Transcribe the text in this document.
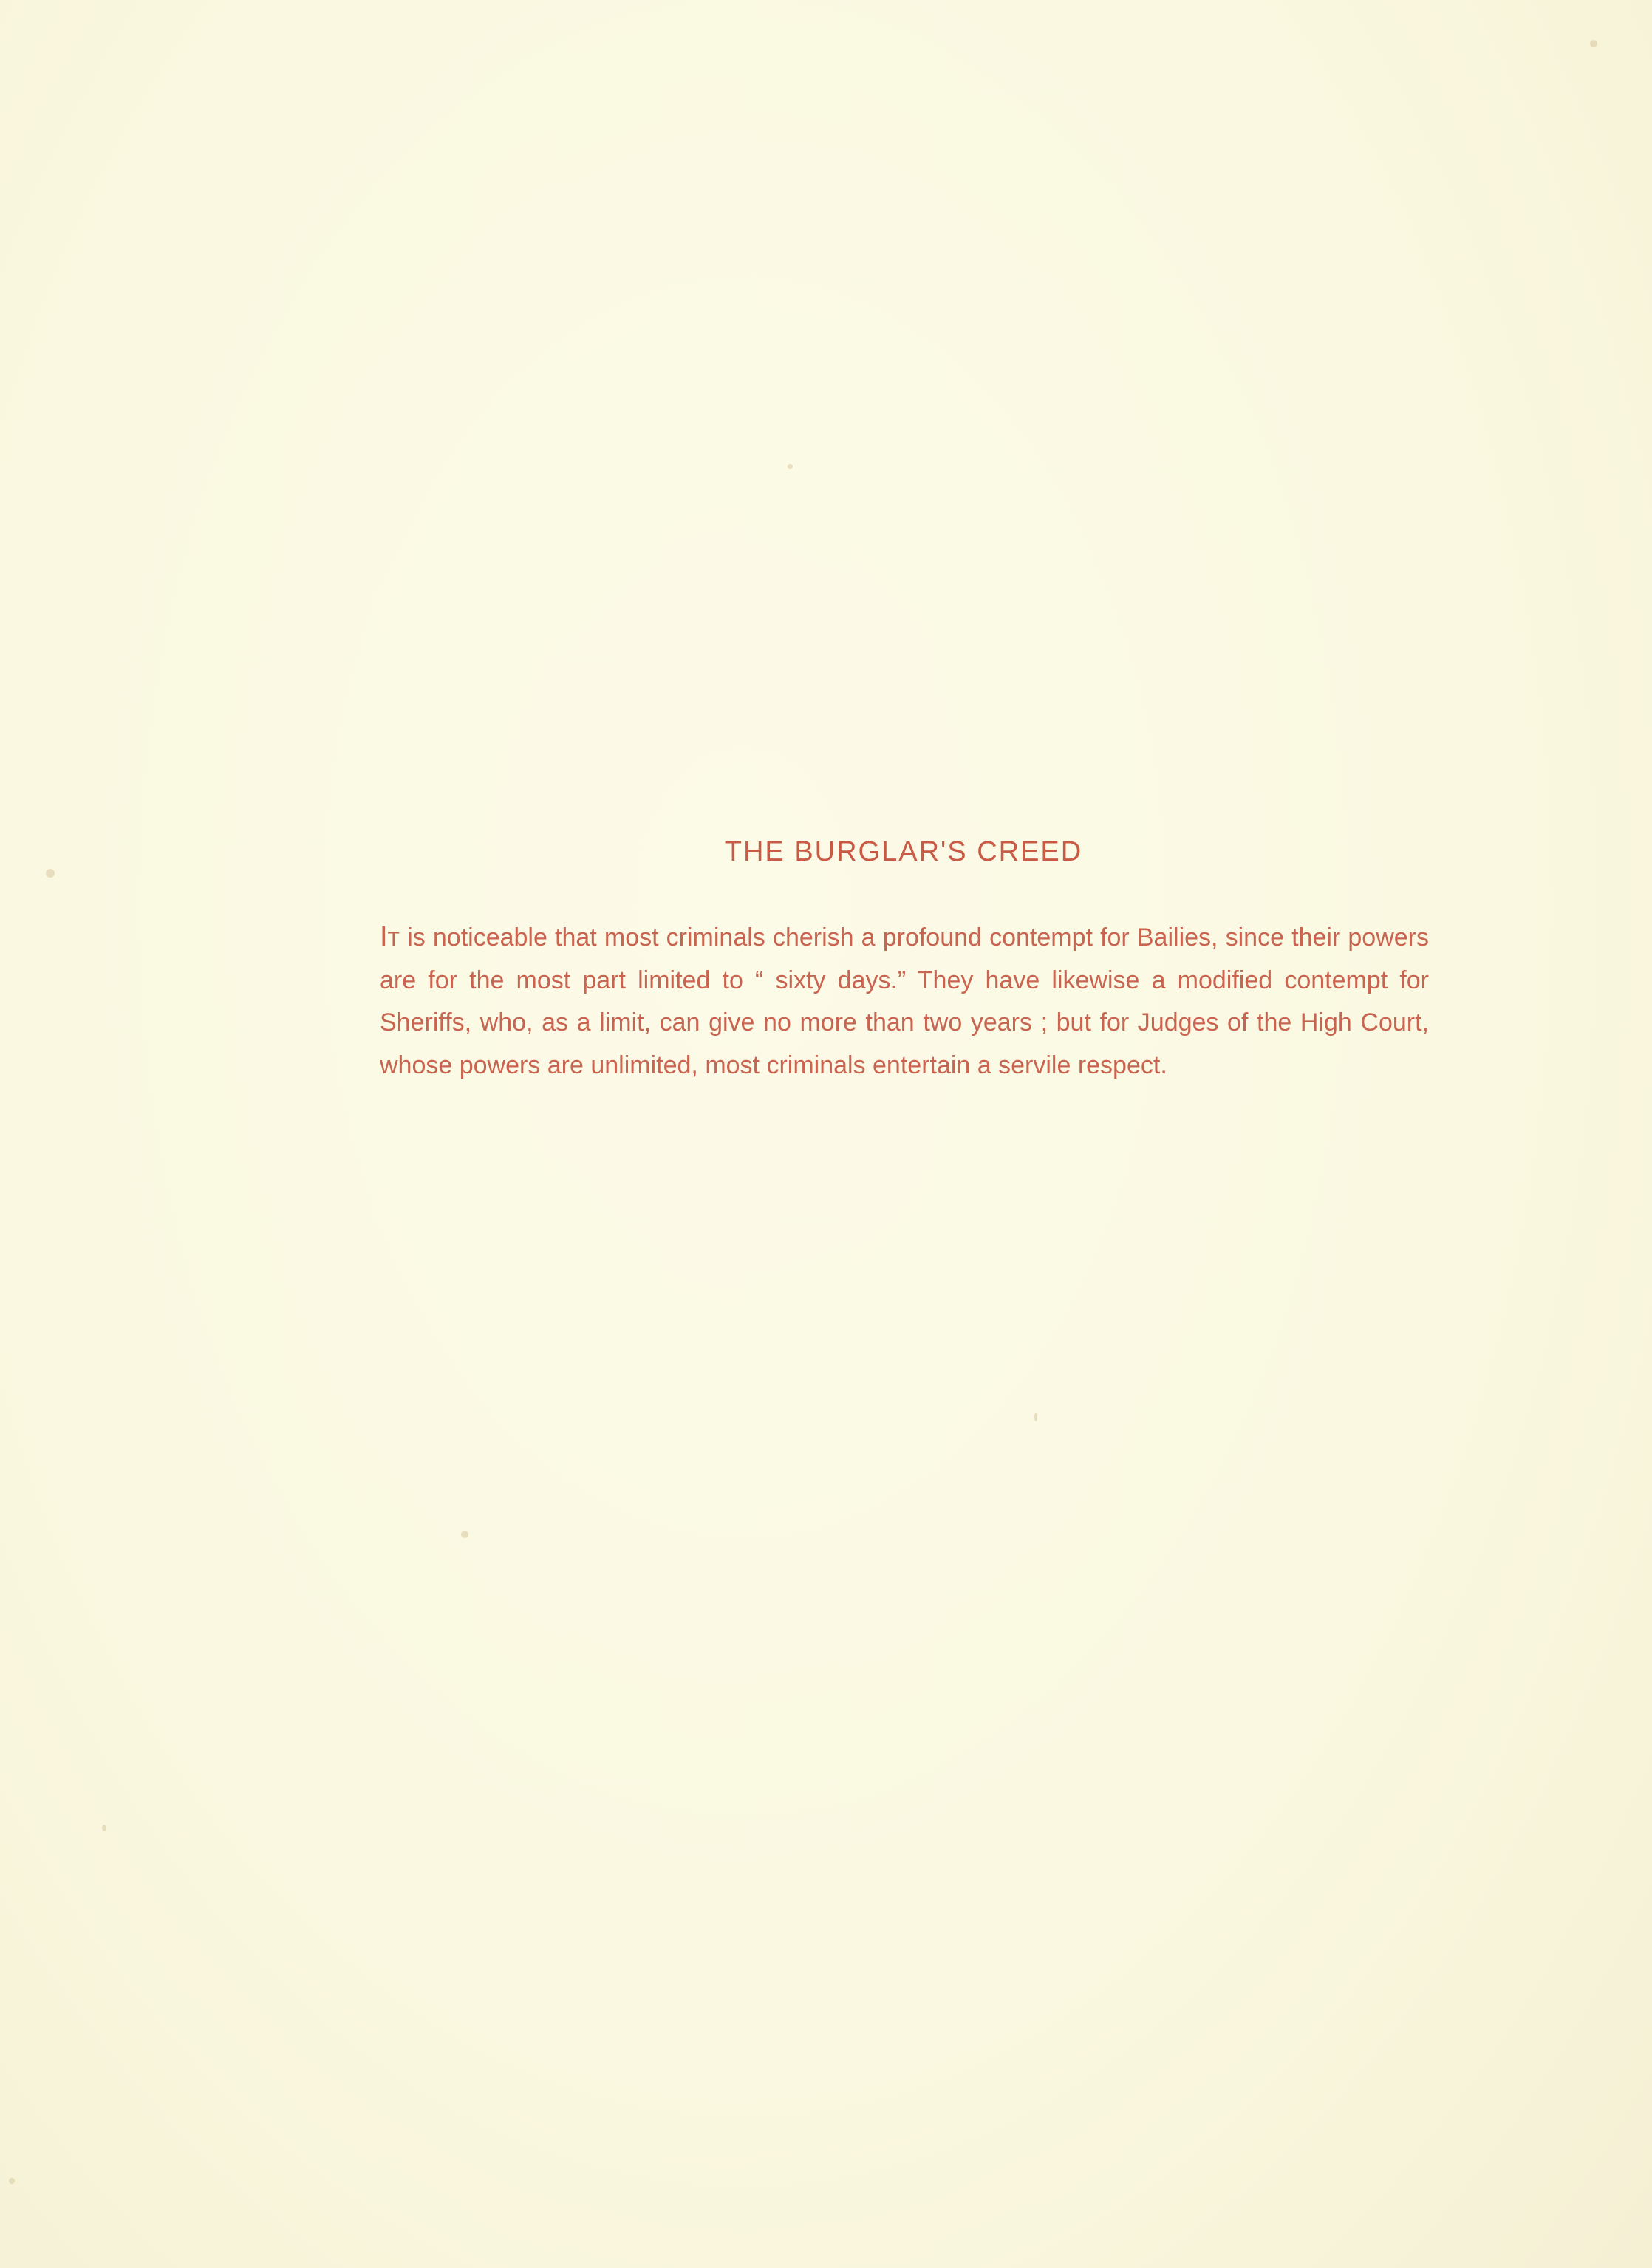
THE BURGLAR'S CREED

It is noticeable that most criminals cherish a profound contempt for Bailies, since their powers are for the most part limited to “ sixty days.” They have likewise a modified contempt for Sheriffs, who, as a limit, can give no more than two years ; but for Judges of the High Court, whose powers are unlimited, most criminals entertain a servile respect.
